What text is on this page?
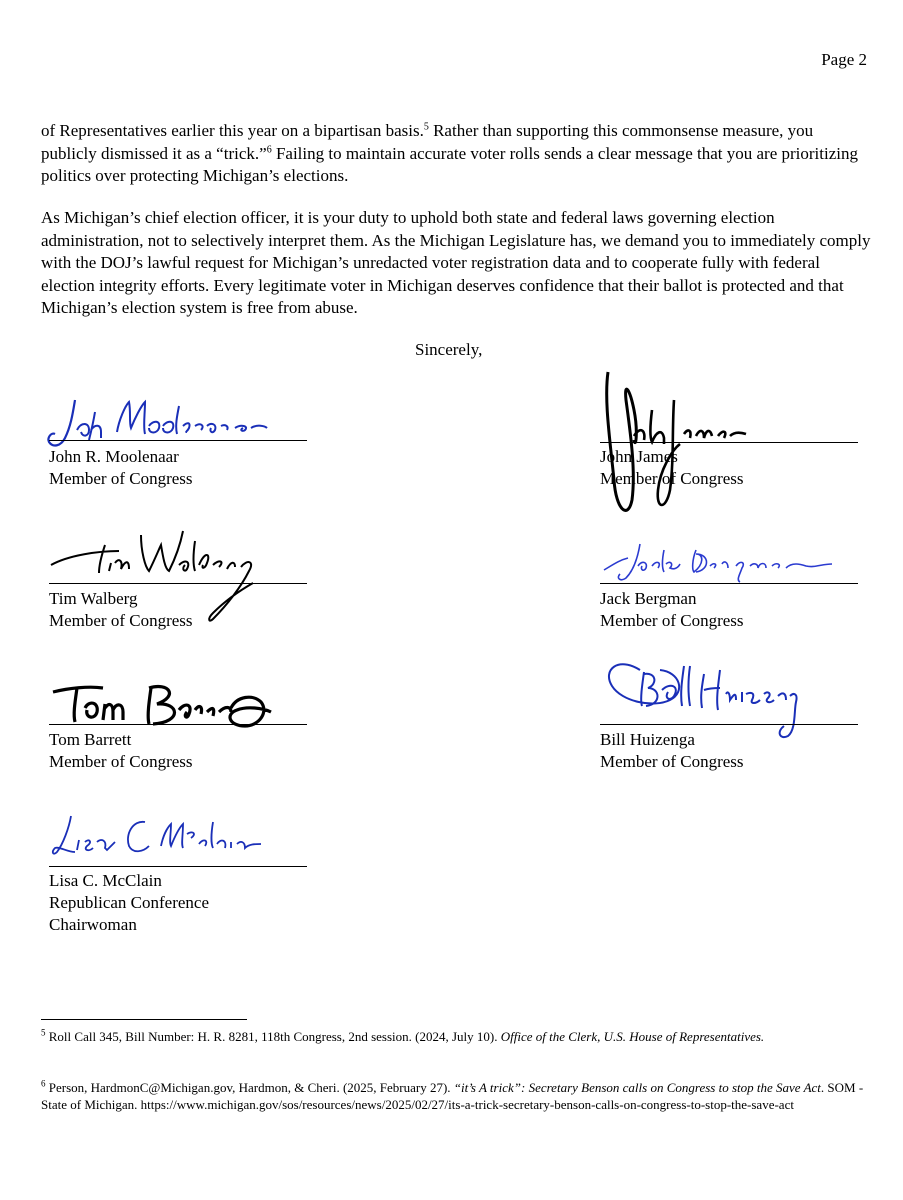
Page 2

of Representatives earlier this year on a bipartisan basis.$^5$ Rather than supporting this commonsense measure, you publicly dismissed it as a “trick.”$^6$ Failing to maintain accurate voter rolls sends a clear message that you are prioritizing politics over protecting Michigan’s elections.

As Michigan’s chief election officer, it is your duty to uphold both state and federal laws governing election administration, not to selectively interpret them. As the Michigan Legislature has, we demand you to immediately comply with the DOJ’s lawful request for Michigan’s unredacted voter registration data and to cooperate fully with federal election integrity efforts. Every legitimate voter in Michigan deserves confidence that their ballot is protected and that Michigan’s election system is free from abuse.

Sincerely,
John R. Moolenaar
Member of Congress
John James
Member of Congress
Tim Walberg
Member of Congress
Jack Bergman
Member of Congress
Tom Barrett
Member of Congress
Bill Huizenga
Member of Congress
Lisa C. McClain
Republican Conference
Chairwoman
$^5$ Roll Call 345, Bill Number: H. R. 8281, 118th Congress, 2nd session. (2024, July 10). Office of the Clerk, U.S. House of Representatives.
$^6$ Person, HardmonC@Michigan.gov, Hardmon, & Cheri. (2025, February 27). “it’s A trick”: Secretary Benson calls on Congress to stop the Save Act. SOM - State of Michigan. https://www.michigan.gov/sos/resources/news/2025/02/27/its-a-trick-secretary-benson-calls-on-congress-to-stop-the-save-act
